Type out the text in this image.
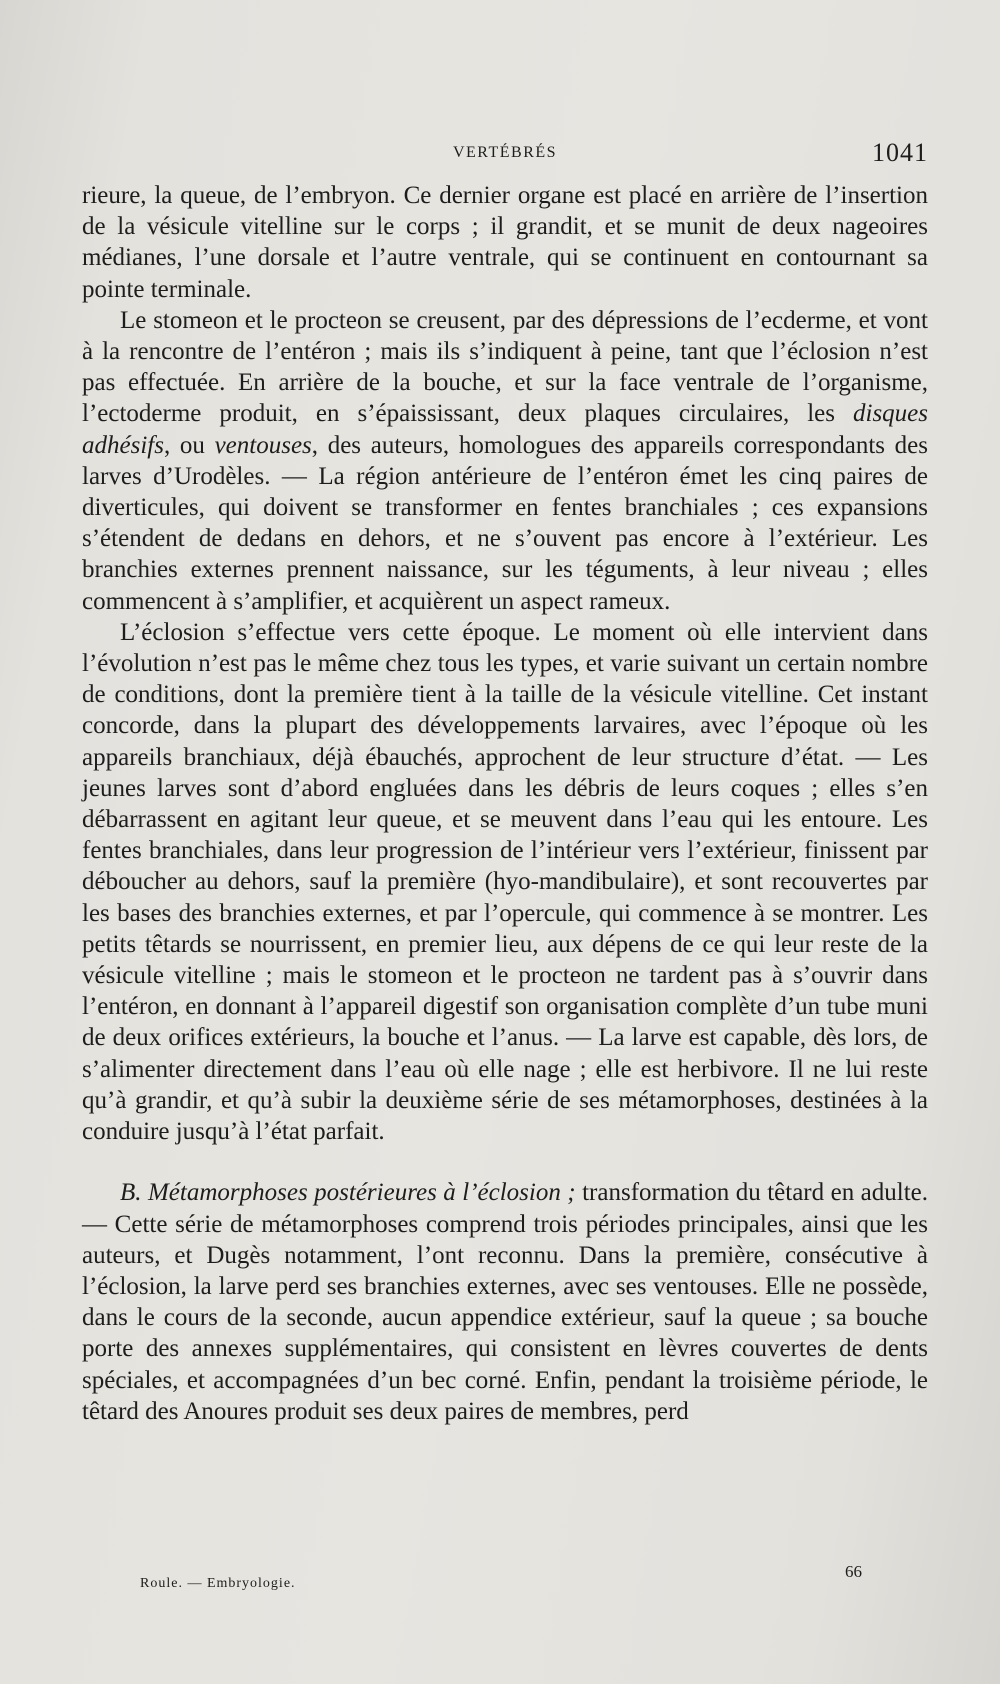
VERTÉBRÉS	1041

rieure, la queue, de l’embryon. Ce dernier organe est placé en arrière de l’insertion de la vésicule vitelline sur le corps ; il grandit, et se munit de deux nageoires médianes, l’une dorsale et l’autre ventrale, qui se continuent en contournant sa pointe terminale.

Le stomeon et le procteon se creusent, par des dépressions de l’ecderme, et vont à la rencontre de l’entéron ; mais ils s’indiquent à peine, tant que l’éclosion n’est pas effectuée. En arrière de la bouche, et sur la face ventrale de l’organisme, l’ectoderme produit, en s’épaississant, deux plaques circulaires, les disques adhésifs, ou ventouses, des auteurs, homologues des appareils correspondants des larves d’Urodèles. — La région antérieure de l’entéron émet les cinq paires de diverticules, qui doivent se transformer en fentes branchiales ; ces expansions s’étendent de dedans en dehors, et ne s’ouvent pas encore à l’extérieur. Les branchies externes prennent naissance, sur les téguments, à leur niveau ; elles commencent à s’amplifier, et acquièrent un aspect rameux.

L’éclosion s’effectue vers cette époque. Le moment où elle intervient dans l’évolution n’est pas le même chez tous les types, et varie suivant un certain nombre de conditions, dont la première tient à la taille de la vésicule vitelline. Cet instant concorde, dans la plupart des développements larvaires, avec l’époque où les appareils branchiaux, déjà ébauchés, approchent de leur structure d’état. — Les jeunes larves sont d’abord engluées dans les débris de leurs coques ; elles s’en débarrassent en agitant leur queue, et se meuvent dans l’eau qui les entoure. Les fentes branchiales, dans leur progression de l’intérieur vers l’extérieur, finissent par déboucher au dehors, sauf la première (hyo-mandibulaire), et sont recouvertes par les bases des branchies externes, et par l’opercule, qui commence à se montrer. Les petits têtards se nourrissent, en premier lieu, aux dépens de ce qui leur reste de la vésicule vitelline ; mais le stomeon et le procteon ne tardent pas à s’ouvrir dans l’entéron, en donnant à l’appareil digestif son organisation complète d’un tube muni de deux orifices extérieurs, la bouche et l’anus. — La larve est capable, dès lors, de s’alimenter directement dans l’eau où elle nage ; elle est herbivore. Il ne lui reste qu’à grandir, et qu’à subir la deuxième série de ses métamorphoses, destinées à la conduire jusqu’à l’état parfait.

B. Métamorphoses postérieures à l’éclosion ; transformation du têtard en adulte. — Cette série de métamorphoses comprend trois périodes principales, ainsi que les auteurs, et Dugès notamment, l’ont reconnu. Dans la première, consécutive à l’éclosion, la larve perd ses branchies externes, avec ses ventouses. Elle ne possède, dans le cours de la seconde, aucun appendice extérieur, sauf la queue ; sa bouche porte des annexes supplémentaires, qui consistent en lèvres couvertes de dents spéciales, et accompagnées d’un bec corné. Enfin, pendant la troisième période, le têtard des Anoures produit ses deux paires de membres, perd

66
Roule. — Embryologie.
